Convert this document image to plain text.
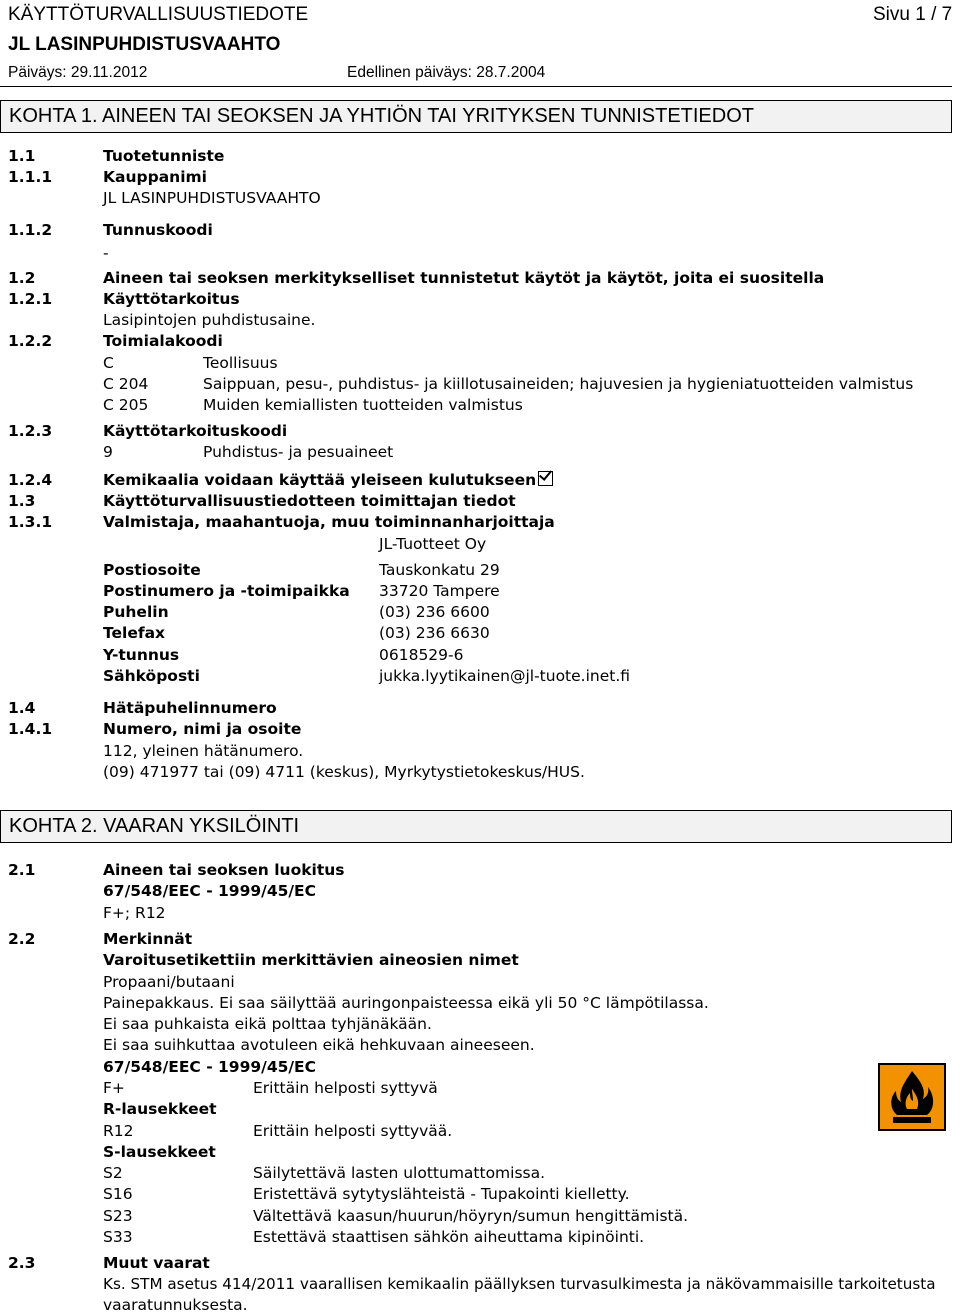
KÄYTTÖTURVALLISUUSTIEDOTE	Sivu 1 / 7
JL LASINPUHDISTUSVAAHTO
Päiväys: 29.11.2012	Edellinen päiväys: 28.7.2004
KOHTA 1. AINEEN TAI SEOKSEN JA YHTIÖN TAI YRITYKSEN TUNNISTETIEDOT
1.1	Tuotetunniste
1.1.1	Kauppanimi
JL LASINPUHDISTUSVAAHTO
1.1.2	Tunnuskoodi
-
1.2	Aineen tai seoksen merkitykselliset tunnistetut käytöt ja käytöt, joita ei suositella
1.2.1	Käyttötarkoitus
Lasipintojen puhdistusaine.
1.2.2	Toimialakoodi
C	Teollisuus
C 204	Saippuan, pesu-, puhdistus- ja kiillotusaineiden; hajuvesien ja hygieniatuotteiden valmistus
C 205	Muiden kemiallisten tuotteiden valmistus
1.2.3	Käyttötarkoituskoodi
9	Puhdistus- ja pesuaineet
1.2.4	Kemikaalia voidaan käyttää yleiseen kulutukseen
1.3	Käyttöturvallisuustiedotteen toimittajan tiedot
1.3.1	Valmistaja, maahantuoja, muu toiminnanharjoittaja
JL-Tuotteet Oy
Postiosoite	Tauskonkatu 29
Postinumero ja -toimipaikka 33720 Tampere
Puhelin	(03) 236 6600
Telefax	(03) 236 6630
Y-tunnus	0618529-6
Sähköposti	jukka.lyytikainen@jl-tuote.inet.fi
1.4	Hätäpuhelinnumero
1.4.1	Numero, nimi ja osoite
112, yleinen hätänumero.
(09) 471977 tai (09) 4711 (keskus), Myrkytystietokeskus/HUS.
KOHTA 2. VAARAN YKSILÖINTI
2.1	Aineen tai seoksen luokitus
67/548/EEC - 1999/45/EC
F+; R12
2.2	Merkinnät
Varoitusetikettiin merkittävien aineosien nimet
Propaani/butaani
Painepakkaus. Ei saa säilyttää auringonpaisteessa eikä yli 50 °C lämpötilassa.
Ei saa puhkaista eikä polttaa tyhjänäkään.
Ei saa suihkuttaa avotuleen eikä hehkuvaan aineeseen.
67/548/EEC - 1999/45/EC
F+	Erittäin helposti syttyvä
R-lausekkeet
R12	Erittäin helposti syttyvää.
S-lausekkeet
S2	Säilytettävä lasten ulottumattomissa.
S16	Eristettävä sytytyslähteistä - Tupakointi kielletty.
S23	Vältettävä kaasun/huurun/höyryn/sumun hengittämistä.
S33	Estettävä staattisen sähkön aiheuttama kipinöinti.
2.3	Muut vaarat
Ks. STM asetus 414/2011 vaarallisen kemikaalin päällyksen turvasulkimesta ja näkövammaisille tarkoitetusta
vaaratunnuksesta.
